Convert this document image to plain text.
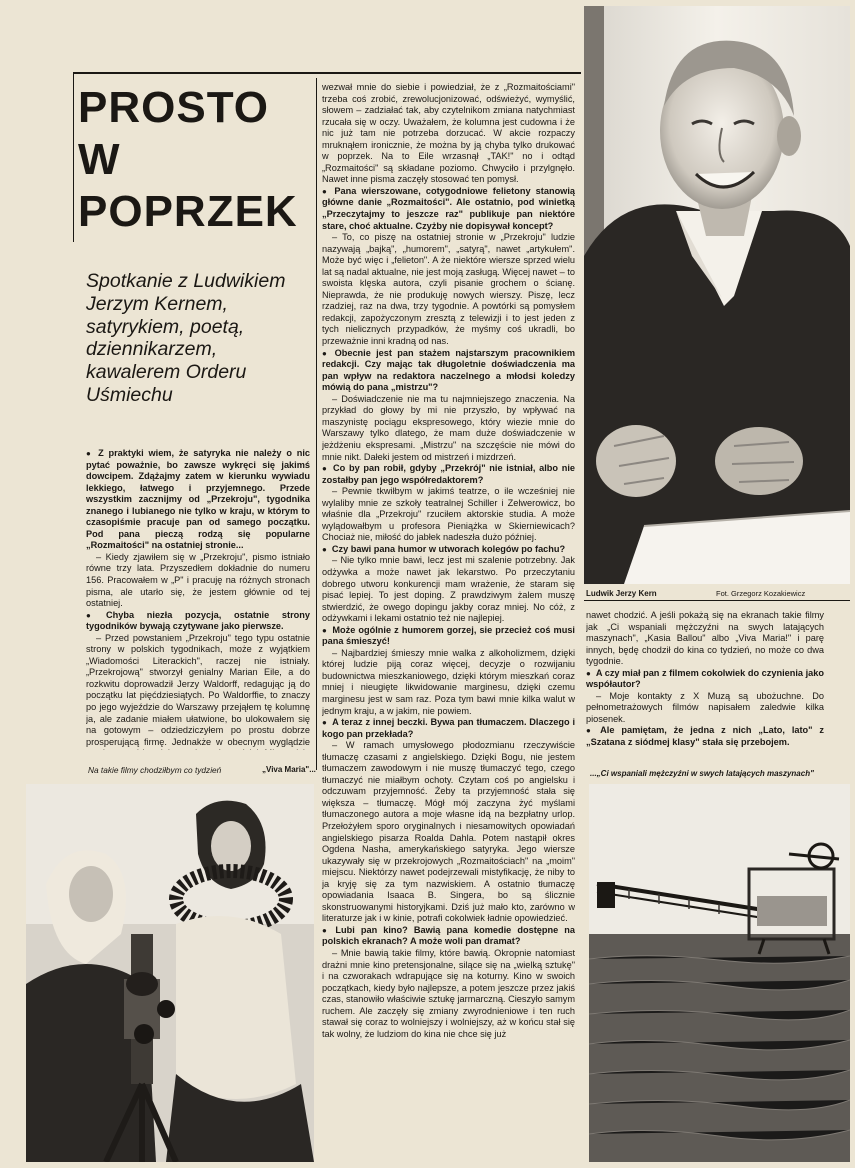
PROSTO
W
POPRZEK

Spotkanie z Ludwikiem Jerzym Kernem, satyrykiem, poetą, dziennikarzem, kawalerem Orderu Uśmiechu

● Z praktyki wiem, że satyryka nie należy o nic pytać poważnie, bo zawsze wykręci się jakimś dowcipem. Zdążajmy zatem w kierunku wywiadu lekkiego, łatwego i przyjemnego. Przede wszystkim zacznijmy od „Przekroju", tygodnika znanego i lubianego nie tylko w kraju, w którym to czasopiśmie pracuje pan od samego początku. Pod pana pieczą rodzą się popularne „Rozmaitości" na ostatniej stronie...

– Kiedy zjawiłem się w „Przekroju", pismo istniało równe trzy lata. Przyszedłem dokładnie do numeru 156. Pracowałem w „P" i pracuję na różnych stronach pisma, ale utarło się, że jestem głównie od tej ostatniej.

● Chyba niezła pozycja, ostatnie strony tygodników bywają czytywane jako pierwsze.

– Przed powstaniem „Przekroju" tego typu ostatnie strony w polskich tygodnikach, może z wyjątkiem „Wiadomości Literackich", raczej nie istniały. „Przekrojową" stworzył genialny Marian Eile, a do rozkwitu doprowadził Jerzy Waldorff, redagując ją do początku lat pięćdziesiątych. Po Waldorffie, to znaczy po jego wyjeździe do Warszawy przejąłem tę kolumnę ja, ale zadanie miałem ułatwione, bo ulokowałem się na gotowym – odziedziczyłem po prostu dobrze prosperującą firmę. Jednakże w obecnym wyglądzie

wezwał mnie do siebie i powiedział, że z „Rozmaitościami" trzeba coś zrobić, zrewolucjonizować, odświeżyć, wymyślić, słowem – zadziałać tak, aby czytelnikom zmiana natychmiast rzucała się w oczy. Uważałem, że kolumna jest cudowna i że nic już tam nie potrzeba dorzucać. W akcie rozpaczy mruknąłem ironicznie, że można by ją chyba tylko drukować w poprzek. Na to Eile wrzasnął „TAK!" no i odtąd „Rozmaitości" są składane poziomo. Chwyciło i przylgnęło. Nawet inne pisma zaczęły stosować ten pomysł.

● Pana wierszowane, cotygodniowe felietony stanowią główne danie „Rozmaitości". Ale ostatnio, pod winietką „Przeczytajmy to jeszcze raz" publikuje pan niektóre stare, choć aktualne. Czyżby nie dopisywał koncept?

– To, co piszę na ostatniej stronie w „Przekroju" ludzie nazywają „bajką", „humorem", „satyrą", nawet „artykułem". Może być więc i „felieton". A że niektóre wiersze sprzed wielu lat są nadal aktualne, nie jest moją zasługą. Więcej nawet – to swoista klęska autora, czyli pisanie grochem o ścianę. Nieprawda, że nie produkuję nowych wierszy. Piszę, lecz rzadziej, raz na dwa, trzy tygodnie. A powtórki są pomysłem redakcji, zapożyczonym zresztą z telewizji i to jest jeden z tych nielicznych przypadków, że myśmy coś ukradli, bo przeważnie inni kradną od nas.

● Obecnie jest pan stażem najstarszym pracownikiem redakcji. Czy mając tak długoletnie doświadczenia ma pan wpływ na redaktora naczelnego a młodsi koledzy mówią do pana „mistrzu"?

– Doświadczenie nie ma tu najmniejszego znaczenia. Na przykład do głowy by mi nie przyszło, by wpływać na maszynistę pociągu ekspresowego, który wiezie mnie do Warszawy tylko dlatego, że mam duże doświadczenie w jeżdżeniu ekspresami. „Mistrzu" na szczęście nie mówi do mnie nikt. Dałeki jestem od mistrzeń i mizdrzeń.

● Co by pan robił, gdyby „Przekrój" nie istniał, albo nie zostałby pan jego współredaktorem?

– Pewnie tkwiłbym w jakimś teatrze, o ile wcześniej nie wylaliby mnie ze szkoły teatralnej Schiller i Zelwerowicz, bo właśnie dla „Przekroju" rzuciłem aktorskie studia. A może wylądowałbym u profesora Pieniążka w Skierniewicach? Chociaż nie, miłość do jabłek nadeszła dużo później.

● Czy bawi pana humor w utworach kolegów po fachu?

– Nie tylko mnie bawi, lecz jest mi szalenie potrzebny. Jak odżywka a może nawet jak lekarstwo. Po przeczytaniu dobrego utworu konkurencji mam wrażenie, że staram się pisać lepiej. To jest doping. Z prawdziwym żalem muszę stwierdzić, że owego dopingu jakby coraz mniej. No cóż, z odżywkami i lekami ostatnio też nie najlepiej.

● Może ogólnie z humorem gorzej, sie przecież coś musi pana śmieszyć!

– Najbardziej śmieszy mnie walka z alkoholizmem, dzięki której ludzie piją coraz więcej, decyzje o rozwijaniu budownictwa mieszkaniowego, dzięki którym mieszkań coraz mniej i nieugięte likwidowanie marginesu, dzięki czemu marginesu jest w sam raz. Poza tym bawi mnie kilka walut w jednym kraju, a w jakim, nie powiem.

● A teraz z innej beczki. Bywa pan tłumaczem. Dlaczego i kogo pan przekłada?

– W ramach umysłowego płodozmianu rzeczywiście tłumaczę czasami z angielskiego. Dzięki Bogu, nie jestem tłumaczem zawodowym i nie muszę tłumaczyć tego, czego tłumaczyć nie miałbym ochoty. Czytam coś po angielsku i odczuwam przyjemność. Żeby ta przyjemność stała się większa – tłumaczę. Mógł mój zaczyna żyć myślami tłumaczonego autora a moje własne idą na bezpłatny urlop. Przełożyłem sporo oryginalnych i niesamowitych opowiadań angielskiego pisarza Roalda Dahla. Potem nastąpił okres Ogdena Nasha, amerykańskiego satyryka. Jego wiersze ukazywały się w przekrojowych „Rozmaitościach" na „moim" miejscu. Niektórzy nawet podejrzewali mistyfikację, że niby to ja kryję się za tym nazwiskiem. A ostatnio tłumaczę opowiadania Isaaca B. Singera, bo są ślicznie skonstruowanymi historyjkami. Dziś już mało kto, zarówno w literaturze jak i w kinie, potrafi cokolwiek ładnie opowiedzieć.

● Lubi pan kino? Bawią pana komedie dostępne na polskich ekranach? A może woli pan dramat?

– Mnie bawią takie filmy, które bawią. Okropnie natomiast drażni mnie kino pretensjonalne, silące się na „wielką sztukę" i na czworakach wdrapujące się na koturny. Kino w swoich początkach, kiedy było najlepsze, a potem jeszcze przez jakiś czas, stanowiło właściwie sztukę jarmarczną. Cieszyło samym ruchem. Ale zaczęły się zmiany zwyrodnieniowe i ten ruch stawał się coraz to wolniejszy i wolniejszy, aż w końcu stał się tak wolny, że ludziom do kina nie chce się już

nawet chodzić. A jeśli pokażą się na ekranach takie filmy jak „Ci wspaniali mężczyźni na swych latających maszynach", „Kasia Ballou" albo „Viva Maria!" i parę innych, będę chodził do kina co tydzień, no może co dwa tygodnie.

● A czy miał pan z filmem cokolwiek do czynienia jako współautor?

– Moje kontakty z X Muzą są ubożuchne. Do pełnometrażowych filmów napisałem zaledwie kilka piosenek.

● Ale pamiętam, że jedna z nich „Lato, lato" z „Szatana z siódmej klasy" stała się przebojem.

Ludwik Jerzy Kern	Fot. Grzegorz Kozakiewicz
Na takie filmy chodziłbym co tydzień	„Viva Maria"...	...„Ci wspaniali mężczyźni w swych latających maszynach"
